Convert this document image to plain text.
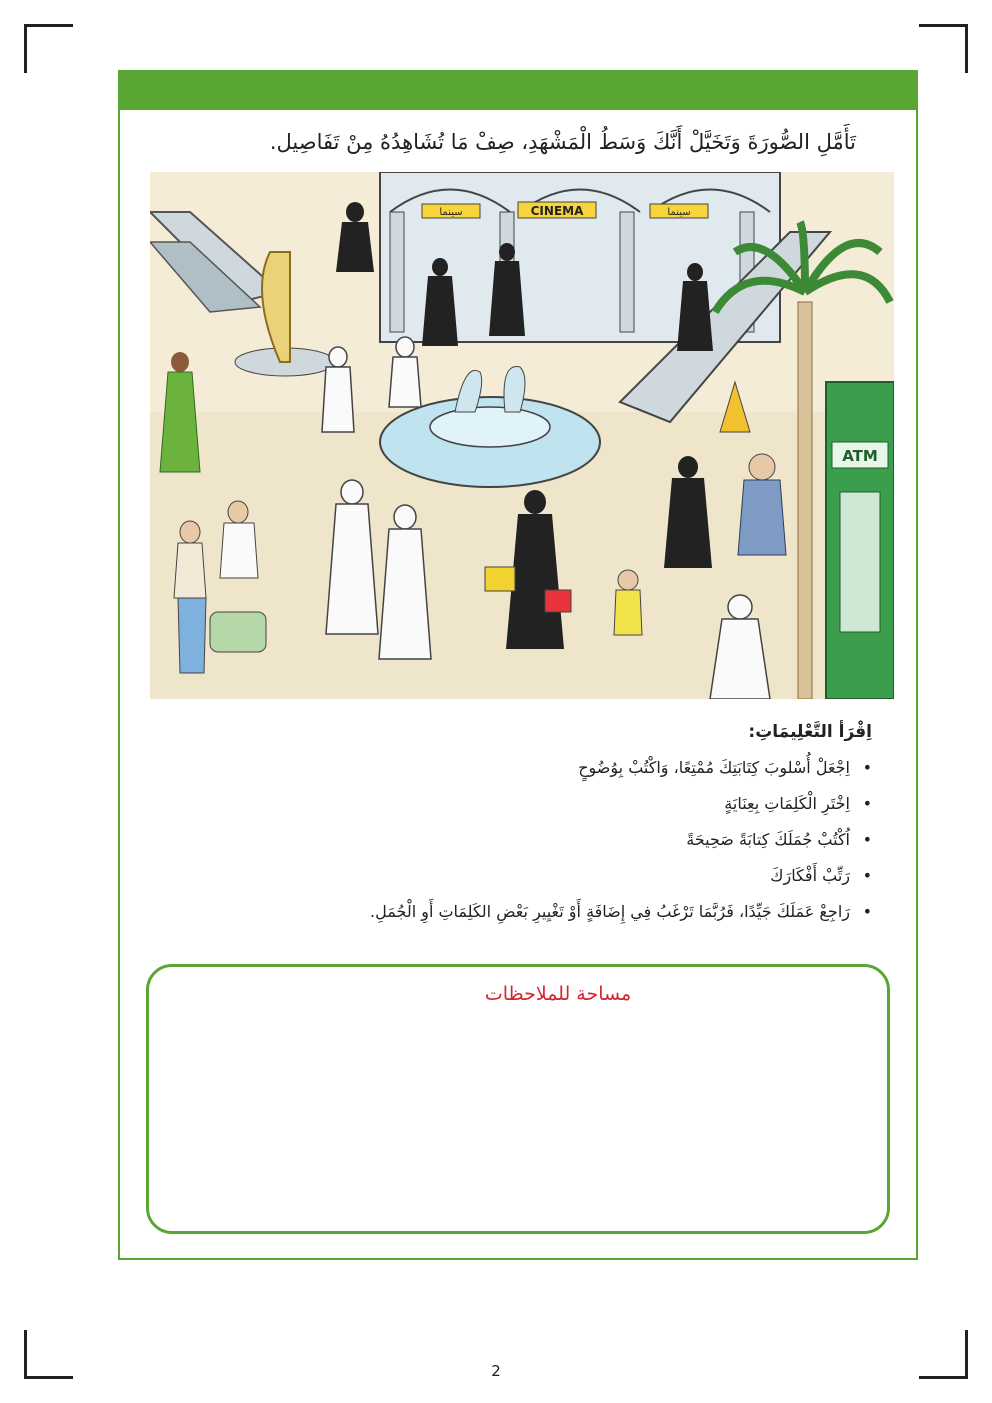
تَأَمَّلِ الصُّورَةَ وَتَخَيَّلْ أَنَّكَ وَسَطُ الْمَشْهَدِ، صِفْ مَا تُشَاهِدُهُ مِنْ تَفَاصِيل.
CINEMA
سينما	سينما
ATM
اِقْرَأ التَّعْلِيمَاتِ:
•
اِجْعَلْ أُسْلوبَ كِتَابَتِكَ مُمْتِعًا، وَاكْتُبْ بِوُضُوحٍ
•
اِخْتَرِ الْكَلِمَاتِ بِعِنَايَةٍ
•
اُكْتُبْ جُمَلَكَ كِتابَةً صَحِيحَةً
•
رَتِّبْ أَفْكَارَكَ
•
رَاجِعْ عَمَلَكَ جَيِّدًا، فَرُبَّمَا تَرْغَبُ فِي إِضَافَةٍ أَوْ تَغْيِيرِ بَعْضِ الكَلِمَاتِ أَوِ الْجُمَلِ.
مساحة للملاحظات
2
